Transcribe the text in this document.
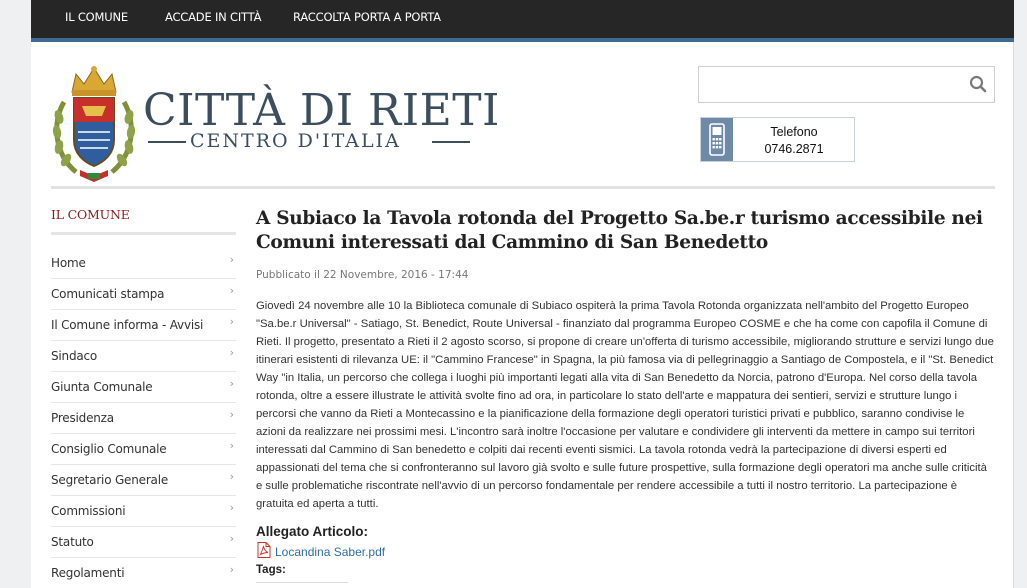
IL COMUNE	ACCADE IN CITTÀ	RACCOLTA PORTA A PORTA
CITTÀ DI RIETI
CENTRO D'ITALIA	Telefono
0746.2871
IL COMUNE
Home	›
Comunicati stampa	›
Il Comune informa - Avvisi ›
Sindaco	›
Giunta Comunale	›
Presidenza	›
Consiglio Comunale	›
Segretario Generale	›
Commissioni	›
Statuto	›
Regolamenti	›
A Subiaco la Tavola rotonda del Progetto Sa.be.r turismo accessibile nei Comuni interessati dal Cammino di San Benedetto
Pubblicato il 22 Novembre, 2016 - 17:44

Giovedì 24 novembre alle 10 la Biblioteca comunale di Subiaco ospiterà la prima Tavola Rotonda organizzata nell'ambito del Progetto Europeo "Sa.be.r Universal" - Satiago, St. Benedict, Route Universal - finanziato dal programma Europeo COSME e che ha come con capofila il Comune di Rieti. Il progetto, presentato a Rieti il 2 agosto scorso, si propone di creare un'offerta di turismo accessibile, migliorando strutture e servizi lungo due itinerari esistenti di rilevanza UE: il "Cammino Francese" in Spagna, la più famosa via di pellegrinaggio a Santiago de Compostela, e il "St. Benedict Way "in Italia, un percorso che collega i luoghi più importanti legati alla vita di San Benedetto da Norcia, patrono d'Europa. Nel corso della tavola rotonda, oltre a essere illustrate le attività svolte fino ad ora, in particolare lo stato dell'arte e mappatura dei sentieri, servizi e strutture lungo i percorsi che vanno da Rieti a Montecassino e la pianificazione della formazione degli operatori turistici privati e pubblico, saranno condivise le azioni da realizzare nei prossimi mesi. L'incontro sarà inoltre l'occasione per valutare e condividere gli interventi da mettere in campo sui territori interessati dal Cammino di San benedetto e colpiti dai recenti eventi sismici. La tavola rotonda vedrà la partecipazione di diversi esperti ed appassionati del tema che si confronteranno sul lavoro già svolto e sulle future prospettive, sulla formazione degli operatori ma anche sulle criticità e sulle problematiche riscontrate nell'avvio di un percorso fondamentale per rendere accessibile a tutti il nostro territorio. La partecipazione è gratuita ed aperta a tutti.

Allegato Articolo:
Locandina Saber.pdf
Tags:
